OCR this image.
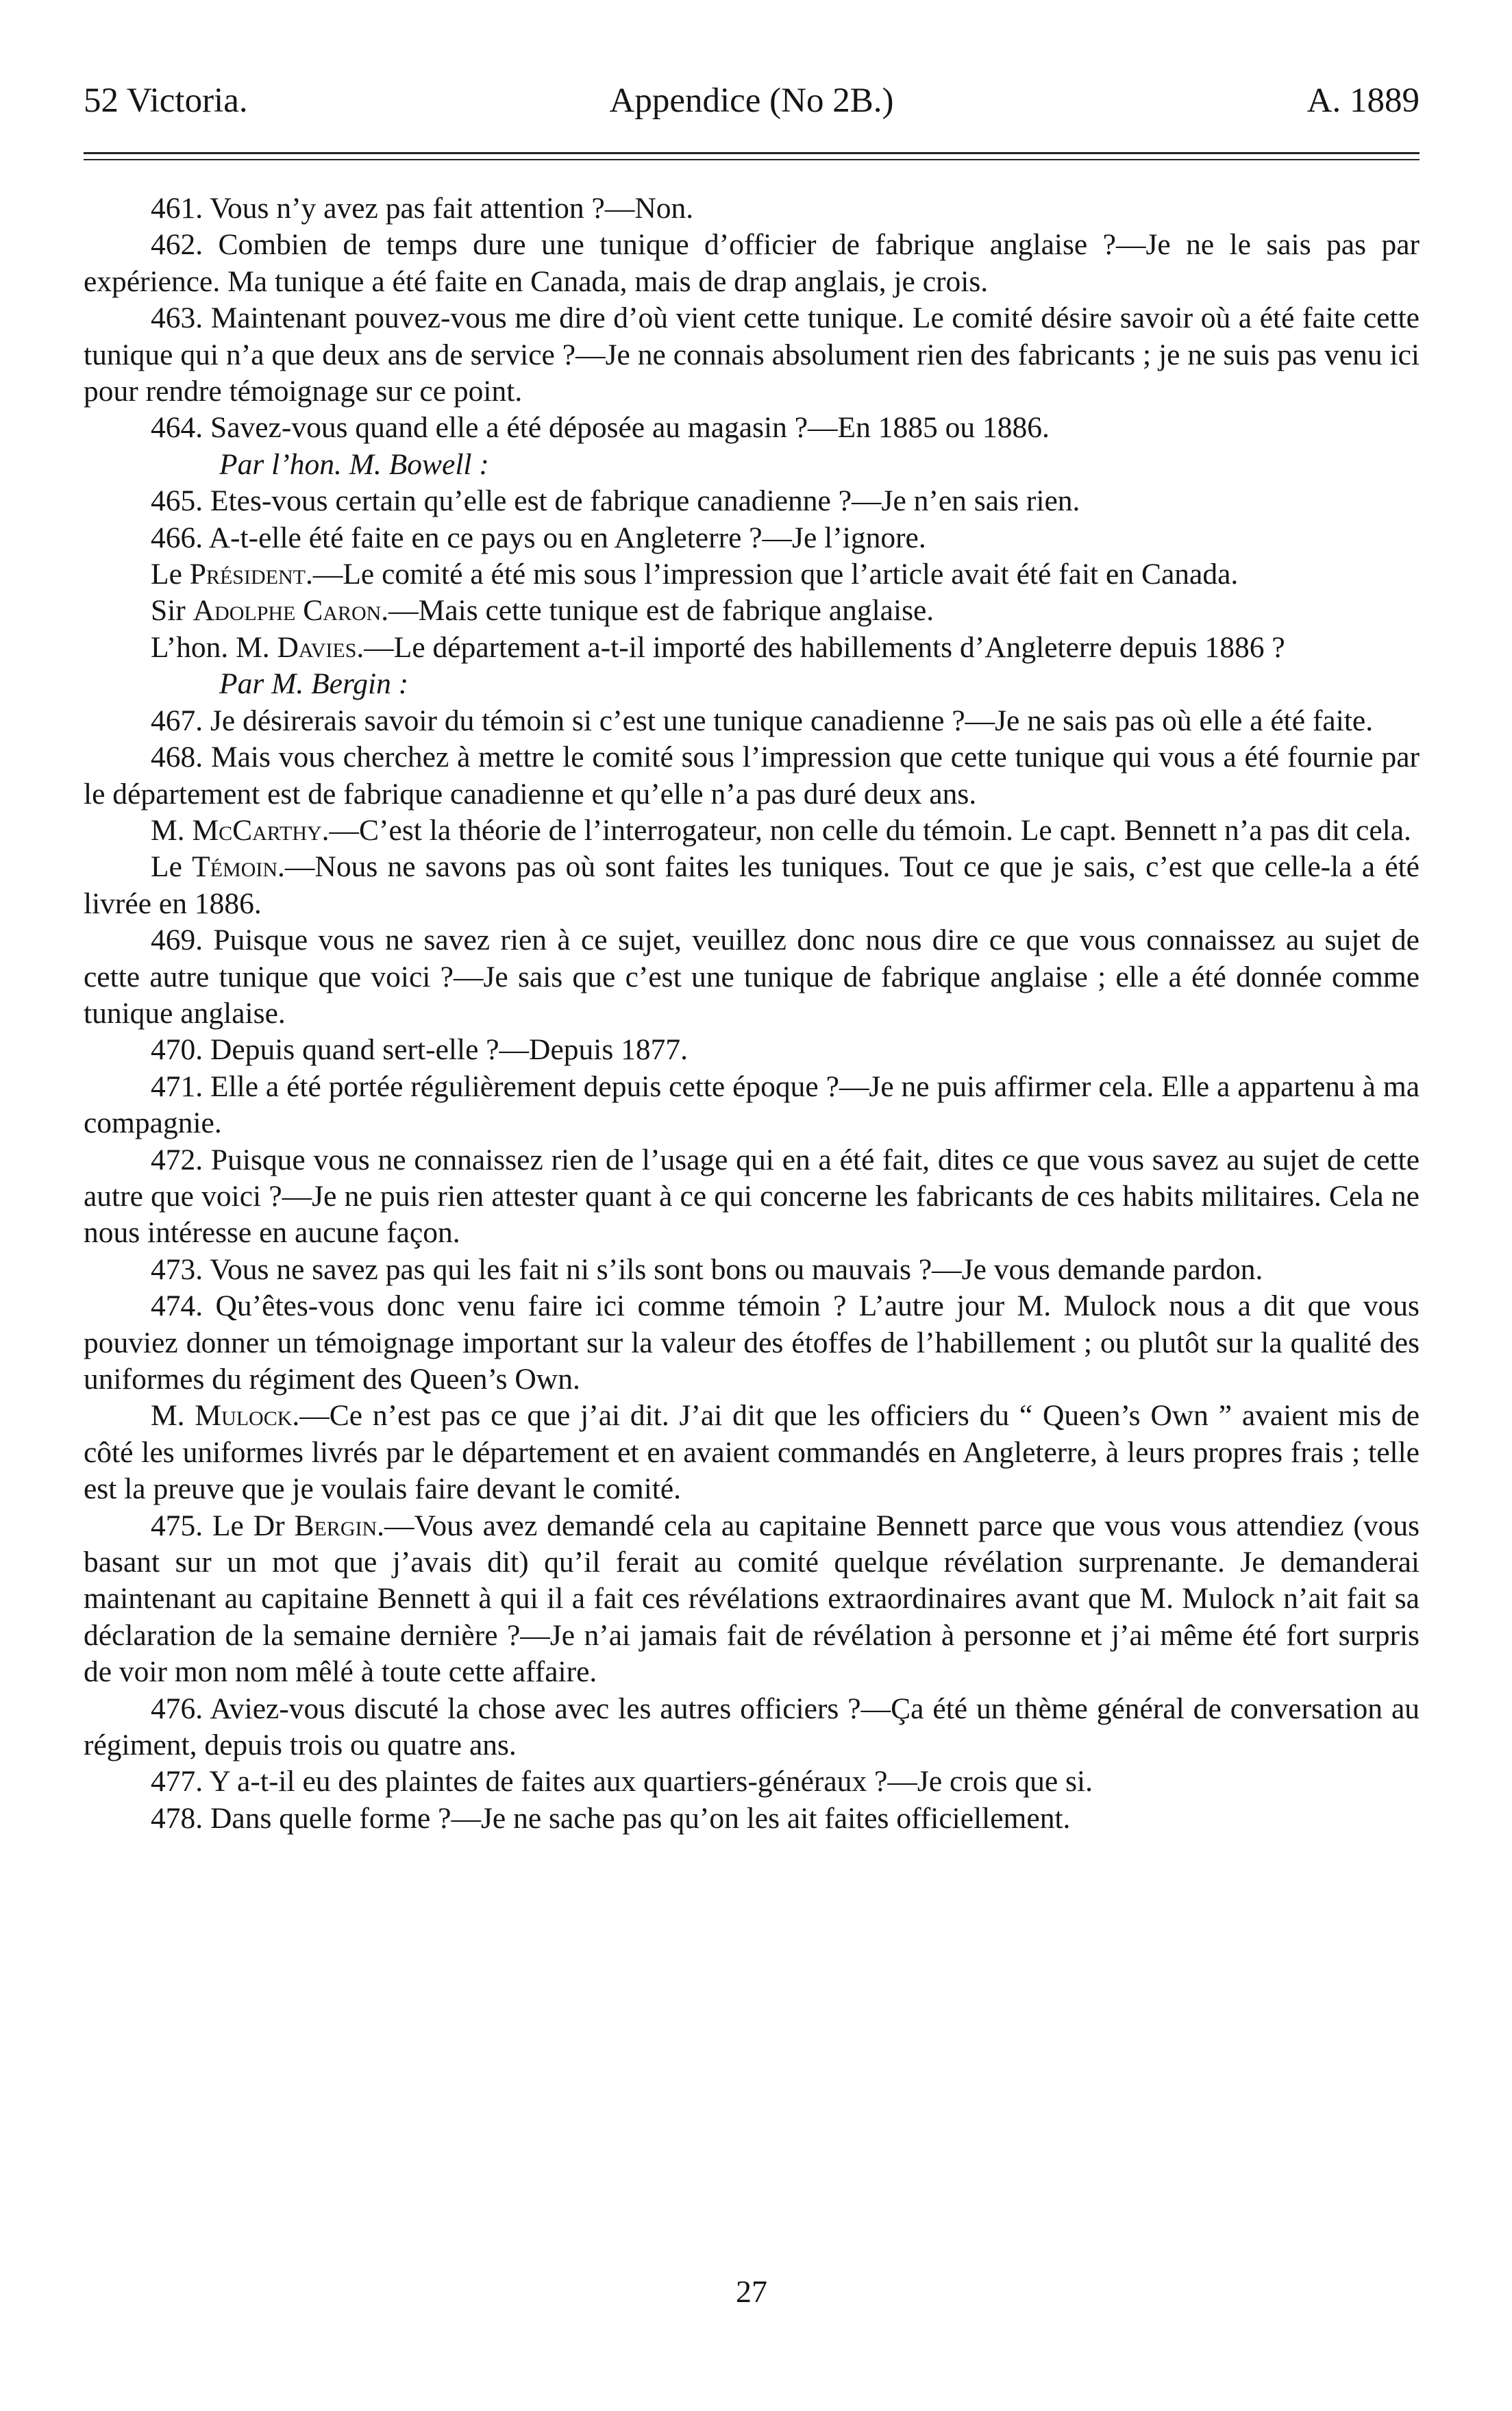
52 Victoria.	Appendice (No 2B.)	A. 1889

461. Vous n’y avez pas fait attention ?—Non.

462. Combien de temps dure une tunique d’officier de fabrique anglaise ?—Je ne le sais pas par expérience. Ma tunique a été faite en Canada, mais de drap anglais, je crois.

463. Maintenant pouvez-vous me dire d’où vient cette tunique. Le comité désire savoir où a été faite cette tunique qui n’a que deux ans de service ?—Je ne connais absolument rien des fabricants ; je ne suis pas venu ici pour rendre témoignage sur ce point.

464. Savez-vous quand elle a été déposée au magasin ?—En 1885 ou 1886.

Par l’hon. M. Bowell :

465. Etes-vous certain qu’elle est de fabrique canadienne ?—Je n’en sais rien.

466. A-t-elle été faite en ce pays ou en Angleterre ?—Je l’ignore.

Le Président.—Le comité a été mis sous l’impression que l’article avait été fait en Canada.

Sir Adolphe Caron.—Mais cette tunique est de fabrique anglaise.

L’hon. M. Davies.—Le département a-t-il importé des habillements d’Angleterre depuis 1886 ?

Par M. Bergin :

467. Je désirerais savoir du témoin si c’est une tunique canadienne ?—Je ne sais pas où elle a été faite.

468. Mais vous cherchez à mettre le comité sous l’impression que cette tunique qui vous a été fournie par le département est de fabrique canadienne et qu’elle n’a pas duré deux ans.

M. McCarthy.—C’est la théorie de l’interrogateur, non celle du témoin. Le capt. Bennett n’a pas dit cela.

Le Témoin.—Nous ne savons pas où sont faites les tuniques. Tout ce que je sais, c’est que celle-la a été livrée en 1886.

469. Puisque vous ne savez rien à ce sujet, veuillez donc nous dire ce que vous connaissez au sujet de cette autre tunique que voici ?—Je sais que c’est une tunique de fabrique anglaise ; elle a été donnée comme tunique anglaise.

470. Depuis quand sert-elle ?—Depuis 1877.

471. Elle a été portée régulièrement depuis cette époque ?—Je ne puis affirmer cela. Elle a appartenu à ma compagnie.

472. Puisque vous ne connaissez rien de l’usage qui en a été fait, dites ce que vous savez au sujet de cette autre que voici ?—Je ne puis rien attester quant à ce qui concerne les fabricants de ces habits militaires. Cela ne nous intéresse en aucune façon.

473. Vous ne savez pas qui les fait ni s’ils sont bons ou mauvais ?—Je vous demande pardon.

474. Qu’êtes-vous donc venu faire ici comme témoin ? L’autre jour M. Mulock nous a dit que vous pouviez donner un témoignage important sur la valeur des étoffes de l’habillement ; ou plutôt sur la qualité des uniformes du régiment des Queen’s Own.

M. Mulock.—Ce n’est pas ce que j’ai dit. J’ai dit que les officiers du “ Queen’s Own ” avaient mis de côté les uniformes livrés par le département et en avaient commandés en Angleterre, à leurs propres frais ; telle est la preuve que je voulais faire devant le comité.

475. Le Dr Bergin.—Vous avez demandé cela au capitaine Bennett parce que vous vous attendiez (vous basant sur un mot que j’avais dit) qu’il ferait au comité quelque révélation surprenante. Je demanderai maintenant au capitaine Bennett à qui il a fait ces révélations extraordinaires avant que M. Mulock n’ait fait sa déclaration de la semaine dernière ?—Je n’ai jamais fait de révélation à personne et j’ai même été fort surpris de voir mon nom mêlé à toute cette affaire.

476. Aviez-vous discuté la chose avec les autres officiers ?—Ça été un thème général de conversation au régiment, depuis trois ou quatre ans.

477. Y a-t-il eu des plaintes de faites aux quartiers-généraux ?—Je crois que si.

478. Dans quelle forme ?—Je ne sache pas qu’on les ait faites officiellement.

27
